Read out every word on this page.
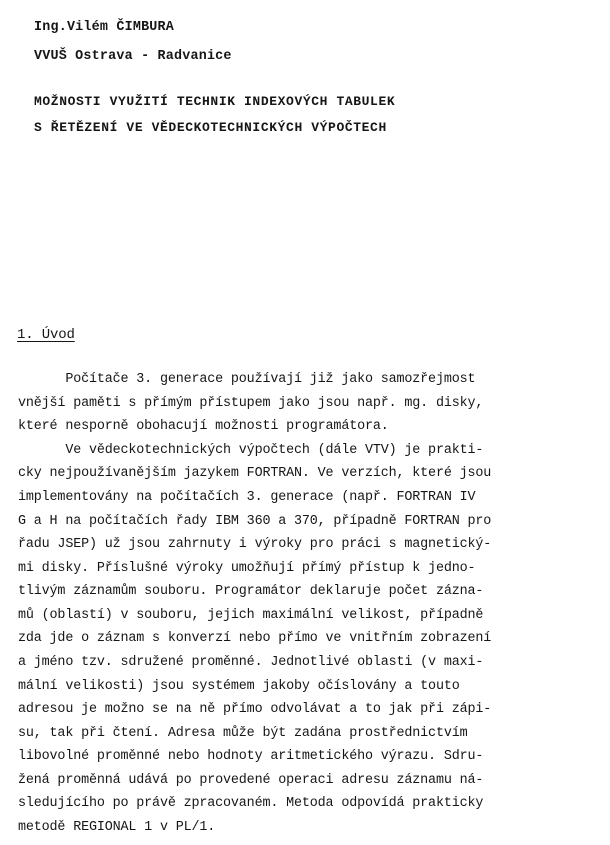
Ing.Vilém ČIMBURA
VVUŠ Ostrava - Radvanice
MOŽNOSTI VYUŽITÍ TECHNIK INDEXOVÝCH TABULEK
S ŘETĚZENÍ VE VĚDECKOTECHNICKÝCH VÝPOČTECH
1. Úvod
Počítače 3. generace používají již jako samozřejmost
vnější paměti s přímým přístupem jako jsou např. mg. disky,
které nesporně obohacují možnosti programátora.
Ve vědeckotechnických výpočtech (dále VTV) je prakti-
cky nejpoužívanějším jazykem FORTRAN. Ve verzích, které jsou
implementovány na počítačích 3. generace (např. FORTRAN IV
G a H na počítačích řady IBM 360 a 370, případně FORTRAN pro
řadu JSEP) už jsou zahrnuty i výroky pro práci s magnetický-
mi disky. Příslušné výroky umožňují přímý přístup k jedno-
tlivým záznamům souboru. Programátor deklaruje počet zázna-
mů (oblastí) v souboru, jejich maximální velikost, případně
zda jde o záznam s konverzí nebo přímo ve vnitřním zobrazení
a jméno tzv. sdružené proměnné. Jednotlivé oblasti (v maxi-
mální velikosti) jsou systémem jakoby očíslovány a touto
adresou je možno se na ně přímo odvolávat a to jak při zápi-
su, tak při čtení. Adresa může být zadána prostřednictvím
libovolné proměnné nebo hodnoty aritmetického výrazu. Sdru-
žená proměnná udává po provedené operaci adresu záznamu ná-
sledujícího po právě zpracovaném. Metoda odpovídá prakticky
metodě REGIONAL 1 v PL/1.
